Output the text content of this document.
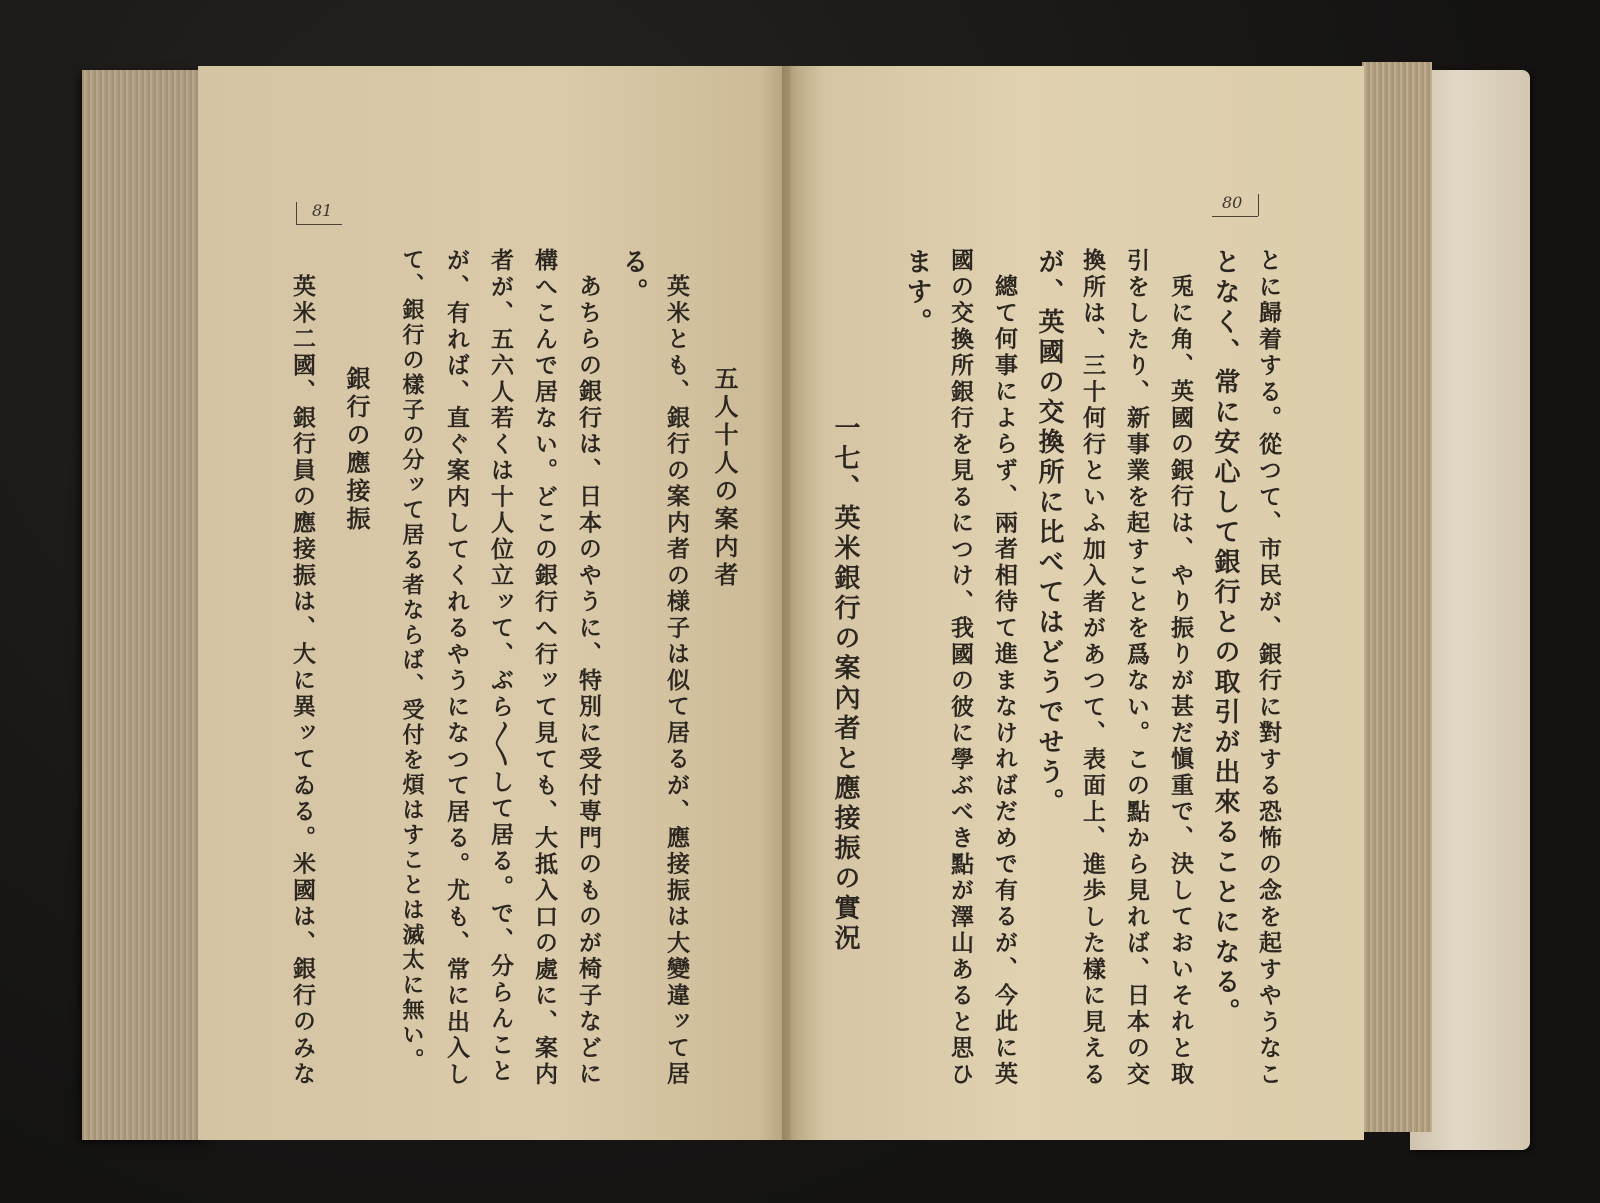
81	80
とに歸着する。從つて、市民が、銀行に對する恐怖の念を起すやうなこ
となく、常に安心して銀行との取引が出來ることになる。
兎に角、英國の銀行は、やり振りが甚だ愼重で、決しておいそれと取
引をしたり、新事業を起すことを爲ない。この點から見れば、日本の交
換所は、三十何行といふ加入者があつて、表面上、進歩した樣に見える
が、英國の交換所に比べてはどうでせう。
總て何事によらず、兩者相待て進まなければだめで有るが、今此に英
國の交換所銀行を見るにつけ、我國の彼に學ぶべき點が澤山あると思ひ
ます。
一七、英米銀行の案內者と應接振の實況
五人十人の案内者
英米とも、銀行の案内者の様子は似て居るが、應接振は大變違ッて居
る。
あちらの銀行は、日本のやうに、特別に受付専門のものが椅子などに
構へこんで居ない。どこの銀行へ行ッて見ても、大抵入口の處に、案内
者が、五六人若くは十人位立ッて、ぶら〳〵して居る。で、分らんこと
が、有れば、直ぐ案内してくれるやうになつて居る。尤も、常に出入し
て、銀行の樣子の分ッて居る者ならば、受付を煩はすことは滅太に無い。
銀行の應接振
英米二國、銀行員の應接振は、大に異ッてゐる。米國は、銀行のみな
